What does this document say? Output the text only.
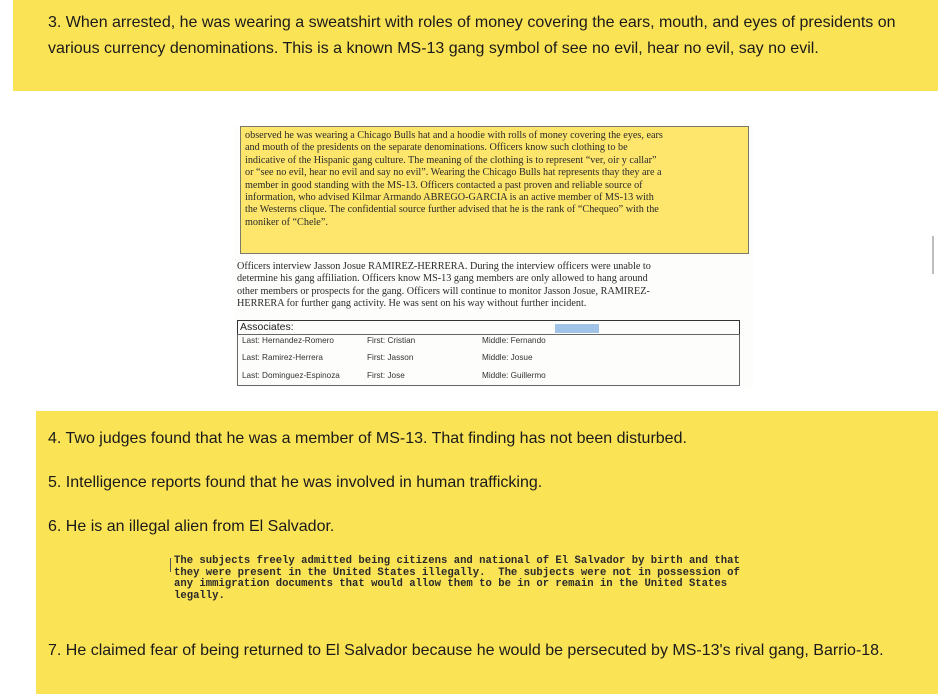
3. When arrested, he was wearing a sweatshirt with roles of money covering the ears, mouth, and eyes of presidents on various currency denominations. This is a known MS-13 gang symbol of see no evil, hear no evil, say no evil.

observed he was wearing a Chicago Bulls hat and a hoodie with rolls of money covering the eyes, ears
and mouth of the presidents on the separate denominations. Officers know such clothing to be
indicative of the Hispanic gang culture. The meaning of the clothing is to represent “ver, oir y callar”
or “see no evil, hear no evil and say no evil”. Wearing the Chicago Bulls hat represents thay they are a
member in good standing with the MS-13. Officers contacted a past proven and reliable source of
information, who advised Kilmar Armando ABREGO-GARCIA is an active member of MS-13 with
the Westerns clique. The confidential source further advised that he is the rank of “Chequeo” with the
moniker of “Chele”.
Officers interview Jasson Josue RAMIREZ-HERRERA. During the interview officers were unable to
determine his gang affiliation. Officers know MS-13 gang members are only allowed to hang around
other members or prospects for the gang. Officers will continue to monitor Jasson Josue, RAMIREZ-
HERRERA for further gang activity. He was sent on his way without further incident.
Associates:
Last: Hernandez-Romero	First: Cristian	Middle: Fernando
Last: Ramirez-Herrera	First: Jasson	Middle: Josue
Last: Dominguez-Espinoza	First: Jose	Middle: Guillermo

4. Two judges found that he was a member of MS-13. That finding has not been disturbed.

5. Intelligence reports found that he was involved in human trafficking.

6. He is an illegal alien from El Salvador.

7. He claimed fear of being returned to El Salvador because he would be persecuted by MS-13's rival gang, Barrio-18.

The subjects freely admitted being citizens and national of El Salvador by birth and that
they were present in the United States illegally.  The subjects were not in possession of
any immigration documents that would allow them to be in or remain in the United States
legally.
